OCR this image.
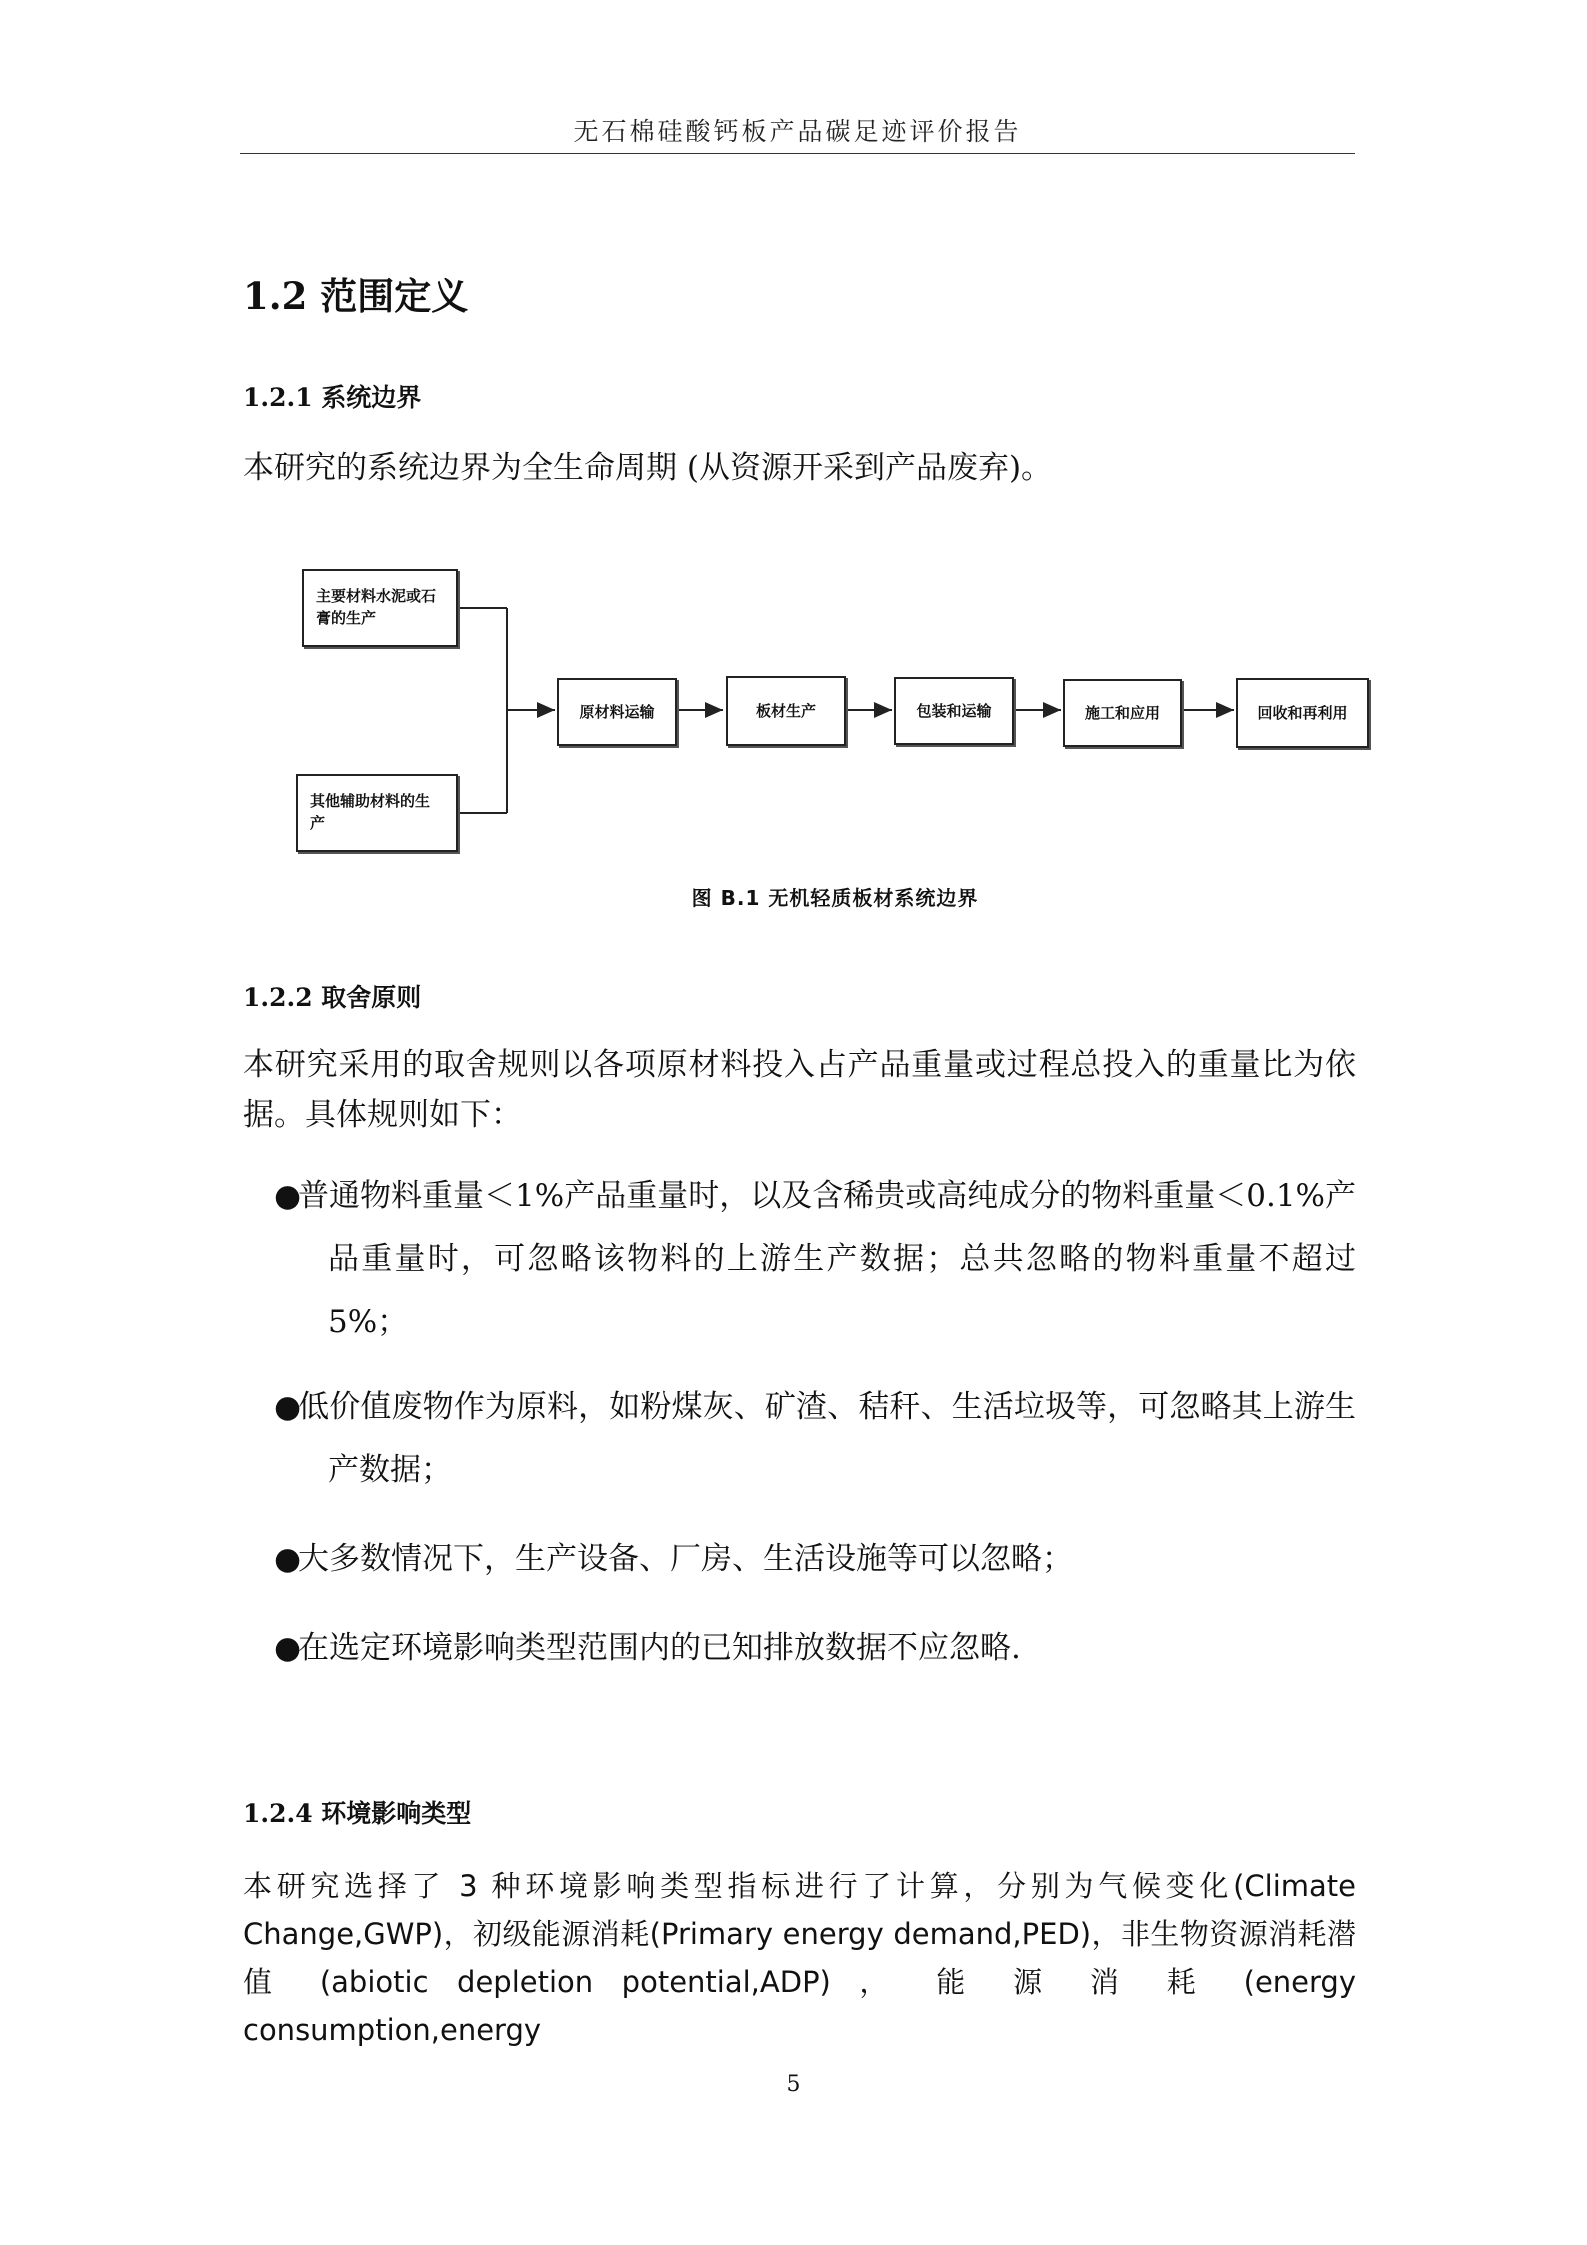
无石棉硅酸钙板产品碳足迹评价报告
1.2 范围定义
1.2.1 系统边界
本研究的系统边界为全生命周期 (从资源开采到产品废弃)。
主要材料水泥或石膏的生产
其他辅助材料的生产
原材料运输	板材生产	包装和运输	施工和应用	回收和再利用
图 B.1 无机轻质板材系统边界
1.2.2 取舍原则
本研究采用的取舍规则以各项原材料投入占产品重量或过程总投入的重量比为依据。具体规则如下：
●普通物料重量＜1%产品重量时，以及含稀贵或高纯成分的物料重量＜0.1%产品重量时，可忽略该物料的上游生产数据；总共忽略的物料重量不超过5%；
●低价值废物作为原料，如粉煤灰、矿渣、秸秆、生活垃圾等，可忽略其上游生产数据；
●大多数情况下，生产设备、厂房、生活设施等可以忽略；
●在选定环境影响类型范围内的已知排放数据不应忽略.
1.2.4 环境影响类型
本研究选择了 3 种环境影响类型指标进行了计算，分别为气候变化(Climate Change,GWP)，初级能源消耗(Primary energy demand,PED)，非生物资源消耗潜值 (abiotic depletion potential,ADP) ， 能 源 消 耗 (energy consumption,energy
5
